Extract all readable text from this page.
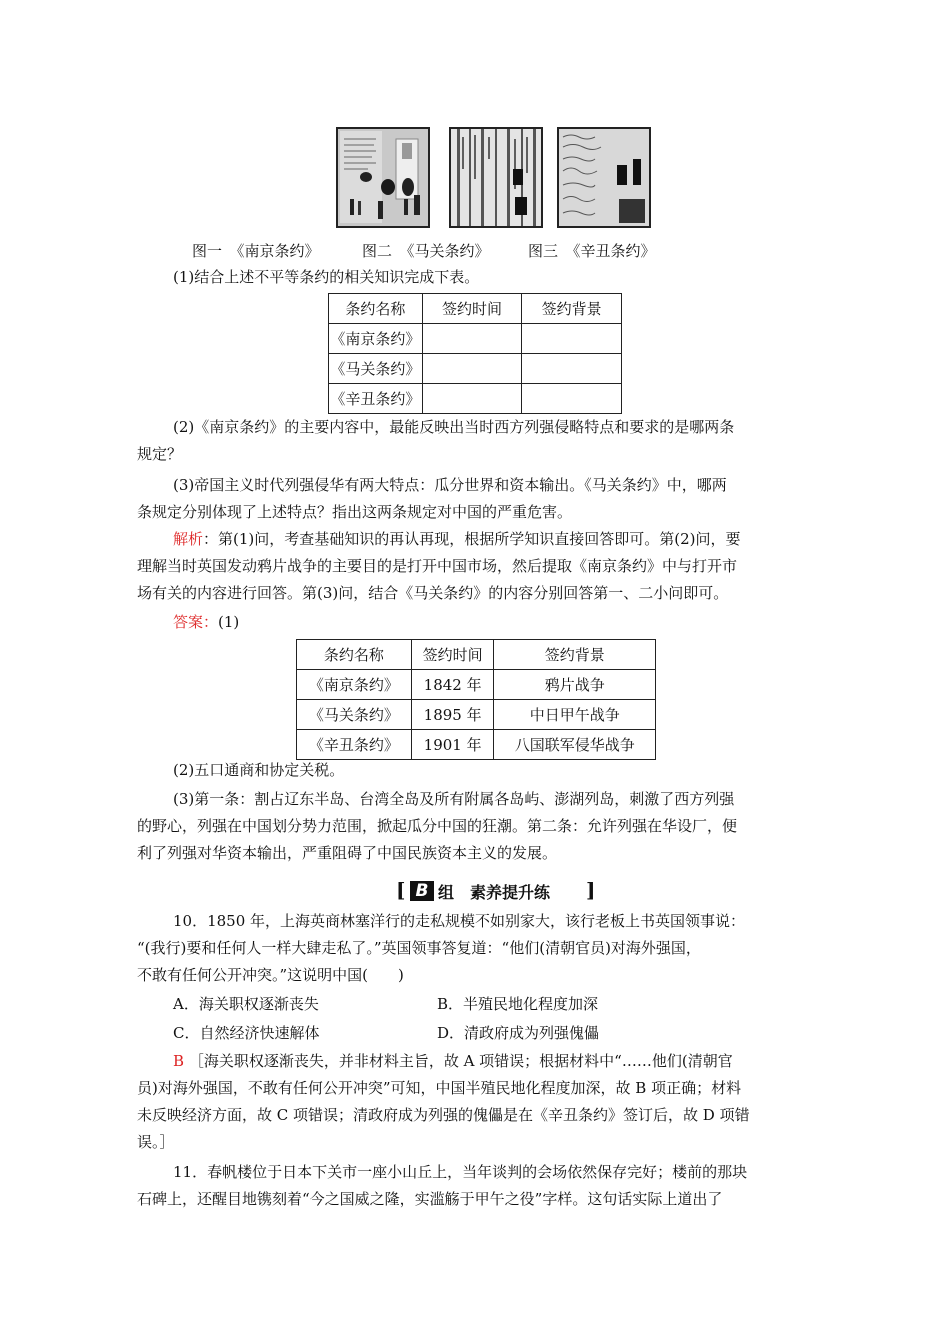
图一　《南京条约》	图二　《马关条约》	图三　《辛丑条约》
(1)结合上述不平等条约的相关知识完成下表。
条约名称	签约时间	签约背景
《南京条约》		
《马关条约》		
《辛丑条约》		
(2)《南京条约》的主要内容中，最能反映出当时西方列强侵略特点和要求的是哪两条
规定？
(3)帝国主义时代列强侵华有两大特点：瓜分世界和资本输出。《马关条约》中，哪两
条规定分别体现了上述特点？指出这两条规定对中国的严重危害。
解析：第(1)问，考查基础知识的再认再现，根据所学知识直接回答即可。第(2)问，要
理解当时英国发动鸦片战争的主要目的是打开中国市场，然后提取《南京条约》中与打开市
场有关的内容进行回答。第(3)问，结合《马关条约》的内容分别回答第一、二小问即可。
答案：(1)
条约名称	签约时间	签约背景
《南京条约》	1842 年	鸦片战争
《马关条约》	1895 年	中日甲午战争
《辛丑条约》	1901 年	八国联军侵华战争
(2)五口通商和协定关税。
(3)第一条：割占辽东半岛、台湾全岛及所有附属各岛屿、澎湖列岛，刺激了西方列强
的野心，列强在中国划分势力范围，掀起瓜分中国的狂潮。第二条：允许列强在华设厂，便
利了列强对华资本输出，严重阻碍了中国民族资本主义的发展。
[ B 组　素养提升练 ]
10．1850 年，上海英商林塞洋行的走私规模不如别家大，该行老板上书英国领事说：
“(我行)要和任何人一样大肆走私了。”英国领事答复道：“他们(清朝官员)对海外强国，
不敢有任何公开冲突。”这说明中国(　　)
A．海关职权逐渐丧失	B．半殖民地化程度加深
C．自然经济快速解体	D．清政府成为列强傀儡
B ［海关职权逐渐丧失，并非材料主旨，故 A 项错误；根据材料中“……他们(清朝官
员)对海外强国，不敢有任何公开冲突”可知，中国半殖民地化程度加深，故 B 项正确；材料
未反映经济方面，故 C 项错误；清政府成为列强的傀儡是在《辛丑条约》签订后，故 D 项错
误。］
11．春帆楼位于日本下关市一座小山丘上，当年谈判的会场依然保存完好；楼前的那块
石碑上，还醒目地镌刻着“今之国威之隆，实滥觞于甲午之役”字样。这句话实际上道出了
